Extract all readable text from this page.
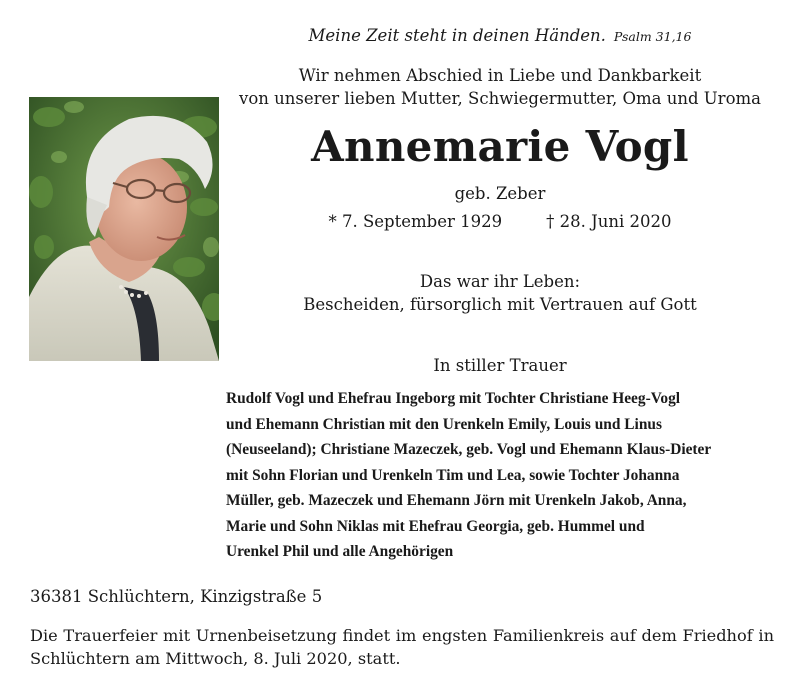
Meine Zeit steht in deinen Händen. Psalm 31,16
Wir nehmen Abschied in Liebe und Dankbarkeit
von unserer lieben Mutter, Schwiegermutter, Oma und Uroma
Annemarie Vogl
geb. Zeber
* 7. September 1929	† 28. Juni 2020
Das war ihr Leben:
Bescheiden, fürsorglich mit Vertrauen auf Gott
In stiller Trauer
Rudolf Vogl und Ehefrau Ingeborg mit Tochter Christiane Heeg-Vogl
und Ehemann Christian mit den Urenkeln Emily, Louis und Linus
(Neuseeland); Christiane Mazeczek, geb. Vogl und Ehemann Klaus-Dieter
mit Sohn Florian und Urenkeln Tim und Lea, sowie Tochter Johanna
Müller, geb. Mazeczek und Ehemann Jörn mit Urenkeln Jakob, Anna,
Marie und Sohn Niklas mit Ehefrau Georgia, geb. Hummel und
Urenkel Phil und alle Angehörigen
36381 Schlüchtern, Kinzigstraße 5
Die Trauerfeier mit Urnenbeisetzung findet im engsten Familienkreis auf dem Friedhof in Schlüchtern am Mittwoch, 8. Juli 2020, statt.
